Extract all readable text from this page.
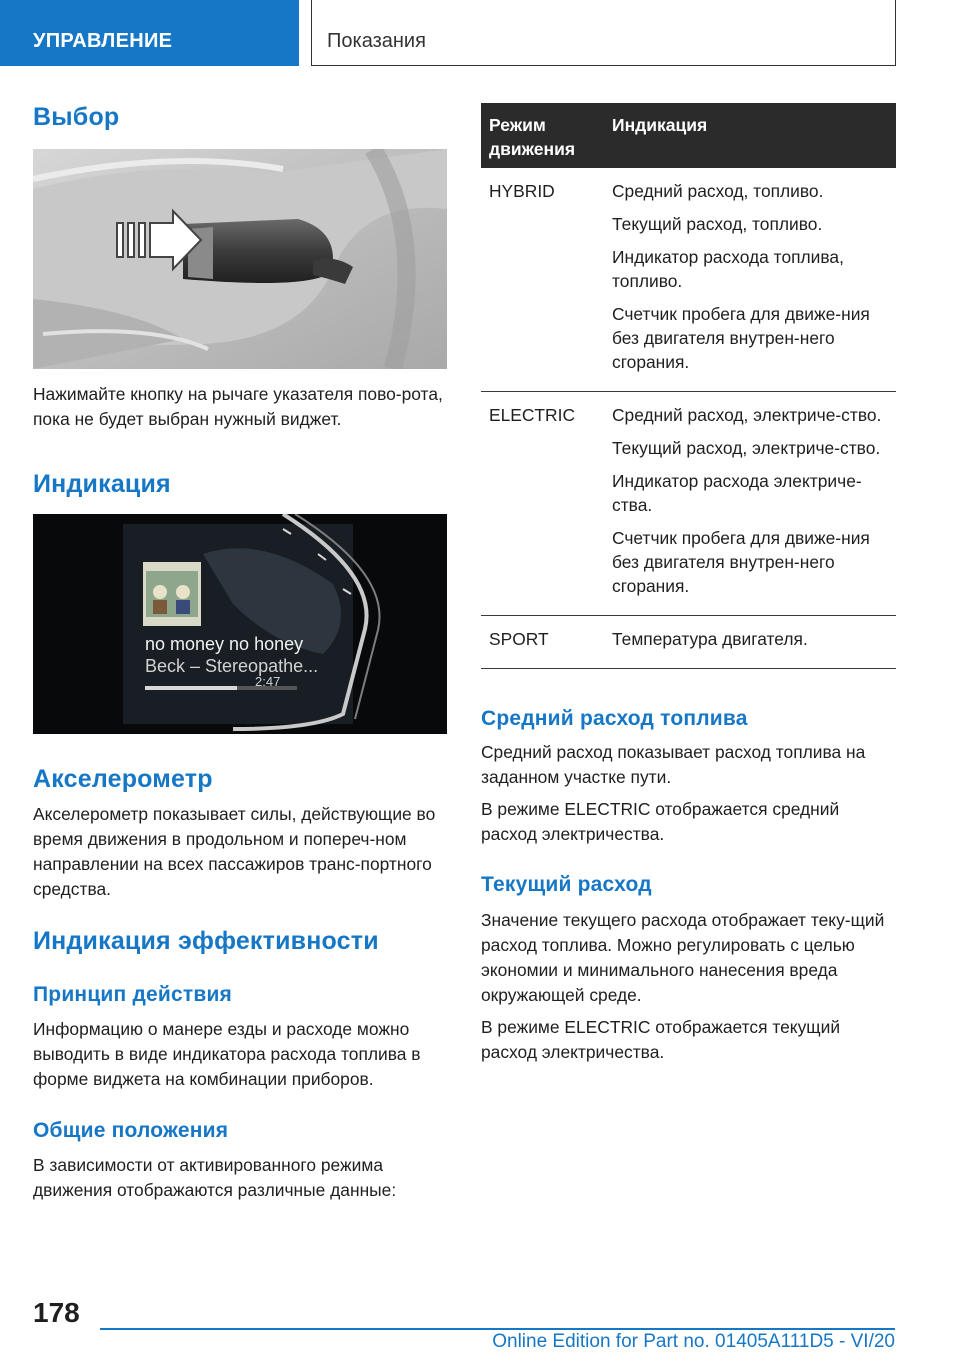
УПРАВЛЕНИЕ	Показания
Выбор

Нажимайте кнопку на рычаге указателя пово-рота, пока не будет выбран нужный виджет.

Индикация
no money no honey
Beck – Stereopathe...
2:47
Акселерометр

Акселерометр показывает силы, действующие во время движения в продольном и попереч-ном направлении на всех пассажиров транс-портного средства.

Индикация эффективности
Принцип действия

Информацию о манере езды и расходе можно выводить в виде индикатора расхода топлива в форме виджета на комбинации приборов.

Общие положения

В зависимости от активированного режима движения отображаются различные данные:

Режим движения
Индикация
HYBRID	Средний расход, топливо.

Текущий расход, топливо.

Индикатор расхода топлива, топливо.

Счетчик пробега для движе-ния без двигателя внутрен-него сгорания.

ELECTRIC Средний расход, электриче-ство.

Текущий расход, электриче-ство.

Индикатор расхода электриче-ства.

Счетчик пробега для движе-ния без двигателя внутрен-него сгорания.

SPORT	Температура двигателя.

Средний расход топлива

Средний расход показывает расход топлива на заданном участке пути.

В режиме ELECTRIC отображается средний расход электричества.

Текущий расход

Значение текущего расхода отображает теку-щий расход топлива. Можно регулировать с целью экономии и минимального нанесения вреда окружающей среде.

В режиме ELECTRIC отображается текущий расход электричества.

178
Online Edition for Part no. 01405A111D5 - VI/20
